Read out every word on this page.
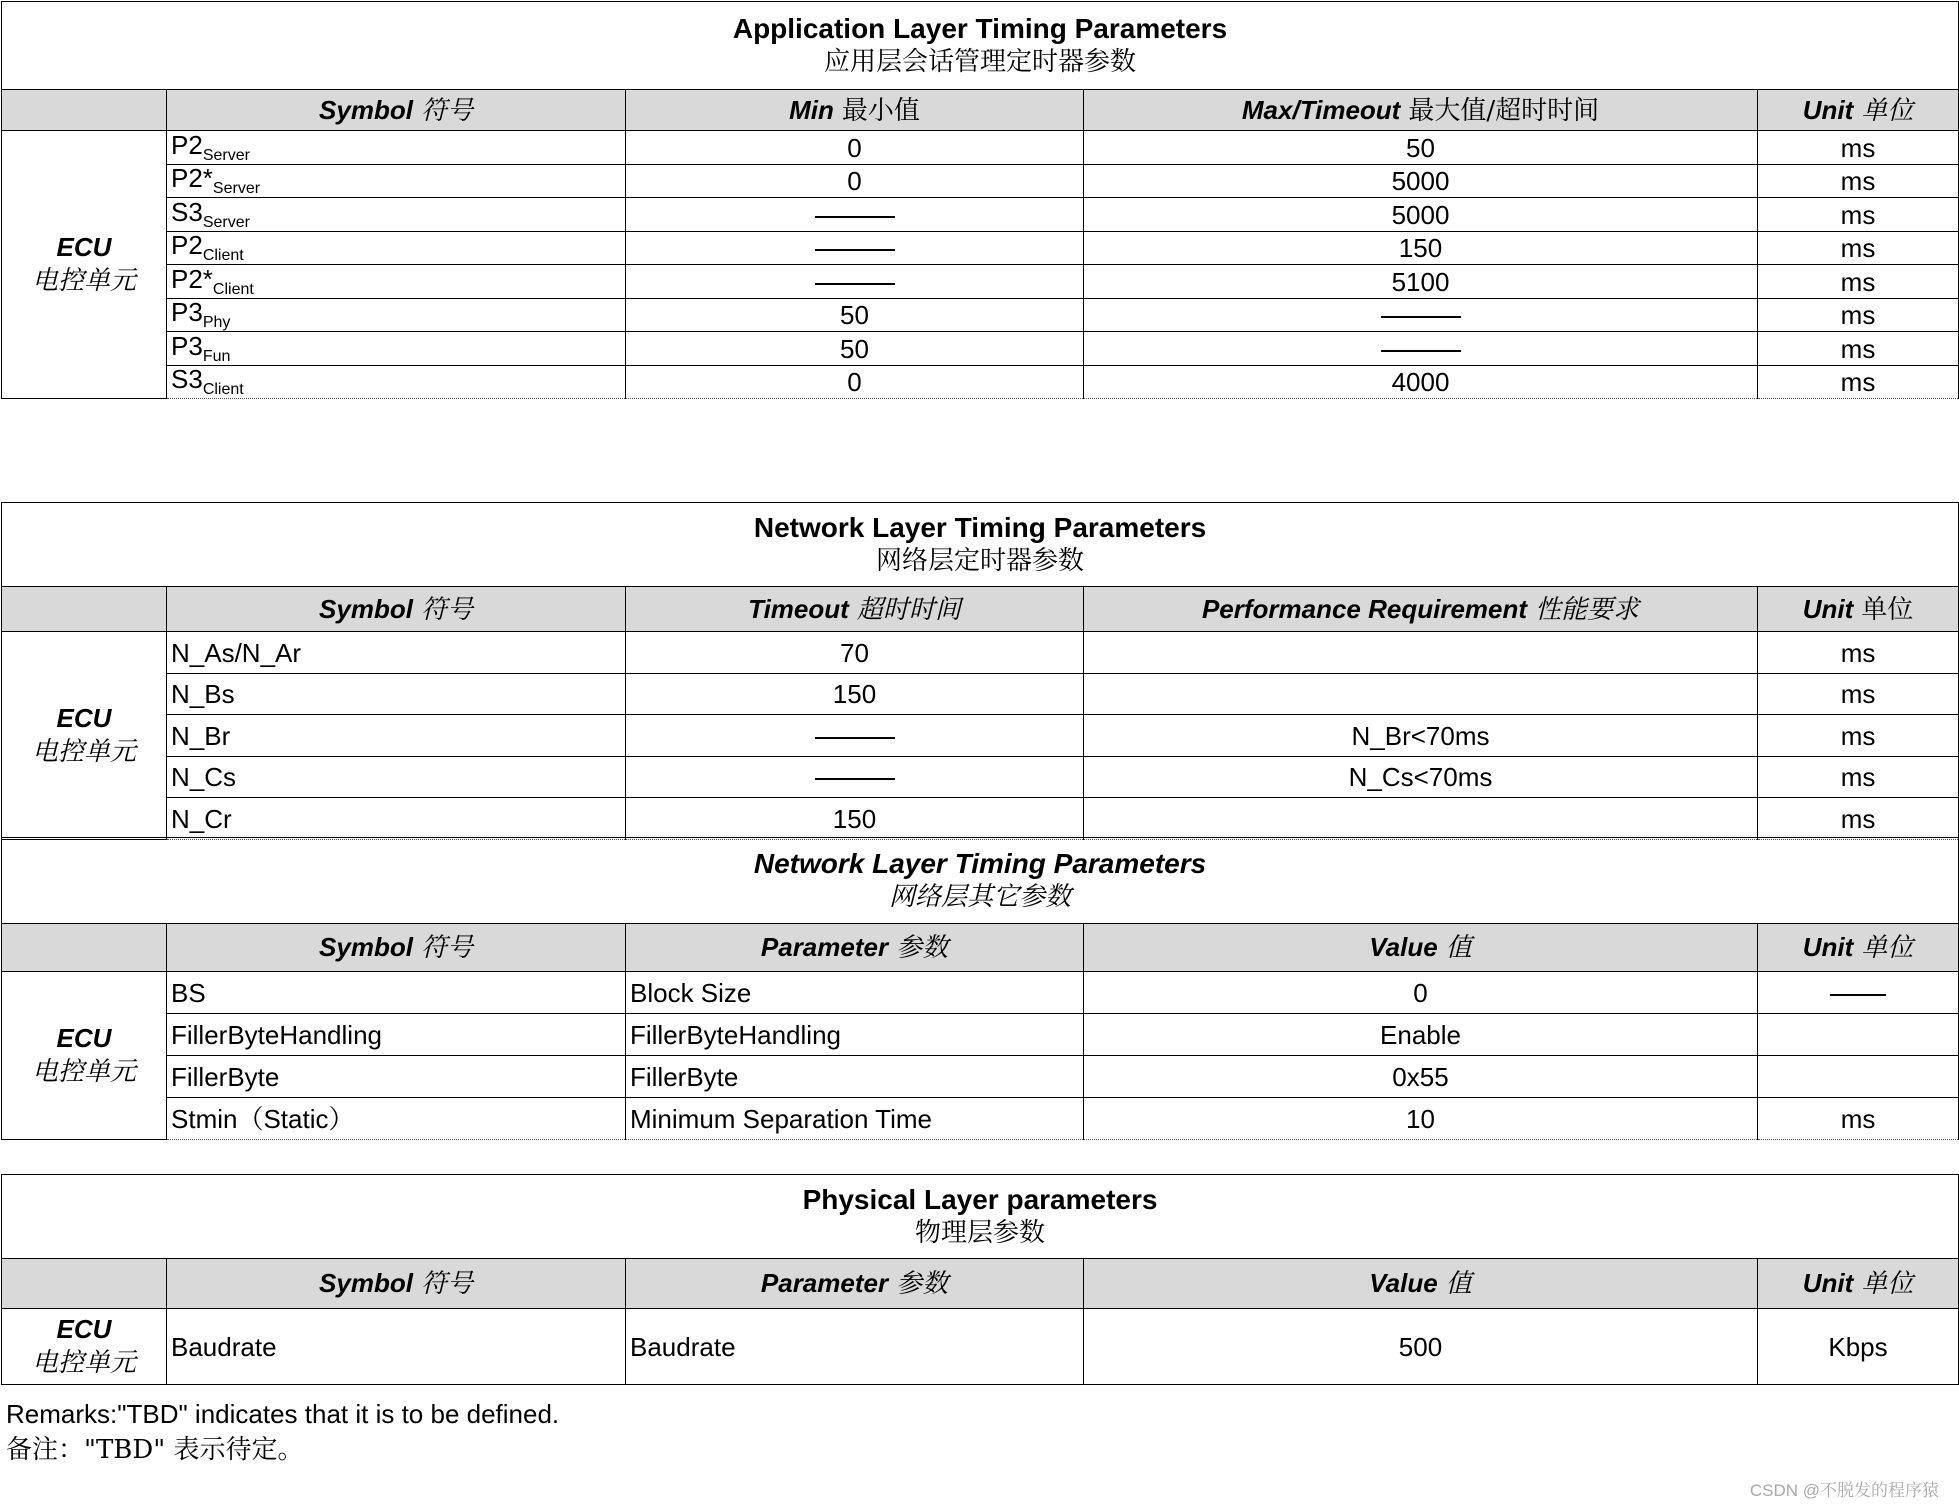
Application Layer Timing Parameters
应用层会话管理定时器参数				

	Symbol 符号	Min 最小值	Max/Timeout 最大值/超时时间	Unit 单位

ECU
电控单元	$P2_{Server}$	0	50	ms
	$P2*_{Server}$	0	5000	ms
	$S3_{Server}$		5000	ms
	$P2_{Client}$		150	ms
	$P2*_{Client}$		5100	ms
	$P3_{Phy}$	50		ms
	$P3_{Fun}$	50		ms
	$S3_{Client}$	0	4000	ms
Network Layer Timing Parameters
网络层定时器参数				

	Symbol 符号	Timeout 超时时间	Performance Requirement 性能要求	Unit 单位

ECU
电控单元	N_As/N_Ar	70		ms
	N_Bs	150		ms
	N_Br		N_Br<70ms	ms
	N_Cs		N_Cs<70ms	ms
	N_Cr	150		ms
Network Layer Timing Parameters
网络层其它参数				

	Symbol 符号	Parameter 参数	Value 值	Unit 单位

ECU
电控单元	BS	Block Size	0	
	FillerByteHandling	FillerByteHandling	Enable	
	FillerByte	FillerByte	0x55	
	Stmin（Static）	Minimum Separation Time	10	ms
Physical Layer parameters
物理层参数				

	Symbol 符号	Parameter 参数	Value 值	Unit 单位

ECU
电控单元	Baudrate	Baudrate	500	Kbps
Remarks:"TBD" indicates that it is to be defined.
备注："TBD" 表示待定。
CSDN @不脱发的程序猿
